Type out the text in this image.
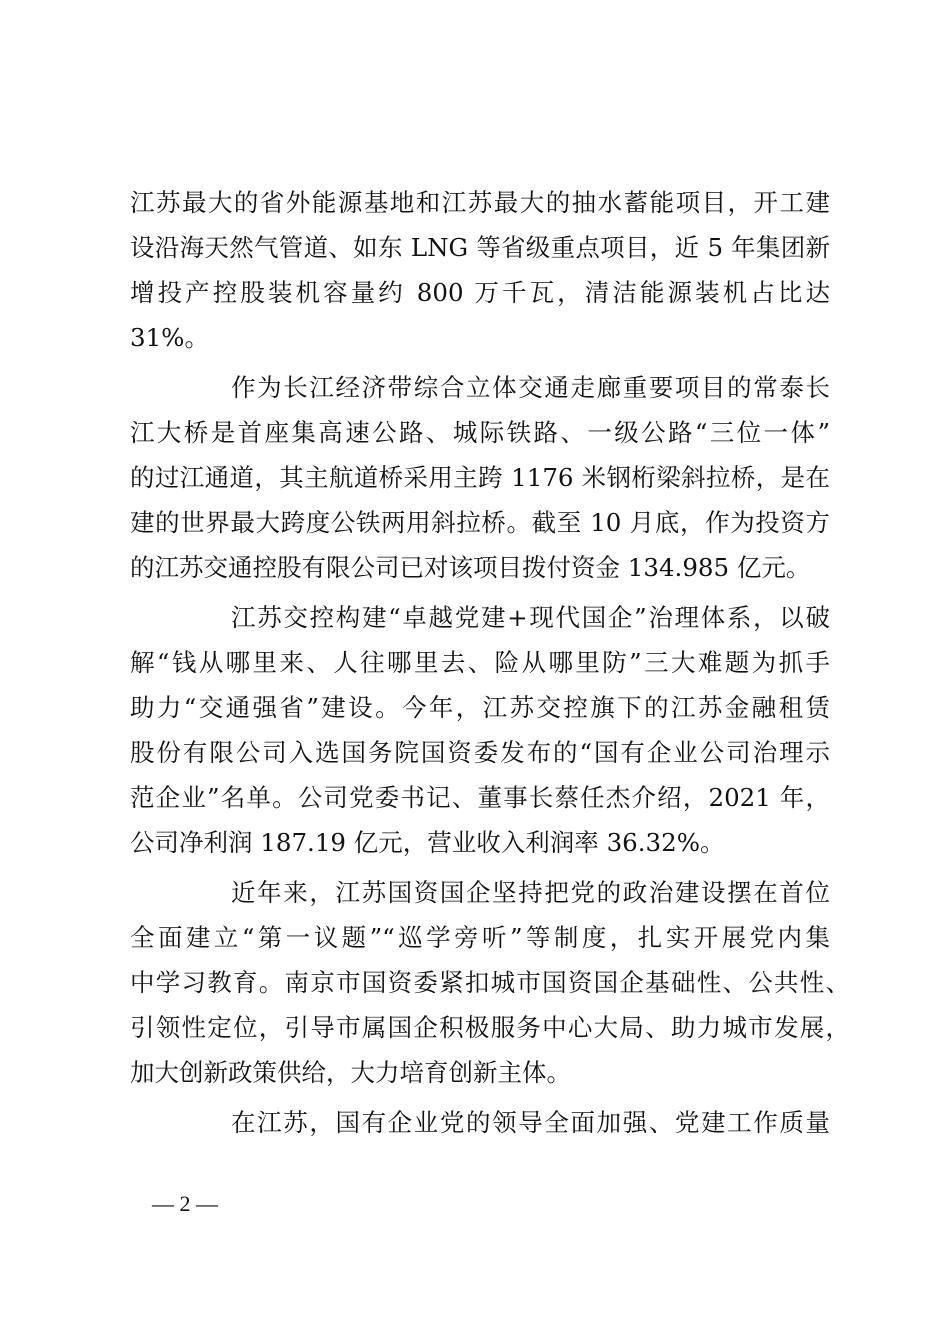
江苏最大的省外能源基地和江苏最大的抽水蓄能项目，开工建
设沿海天然气管道、如东 LNG 等省级重点项目，近 5 年集团新
增投产控股装机容量约 800 万千瓦，清洁能源装机占比达
31%。
作为长江经济带综合立体交通走廊重要项目的常泰长
江大桥是首座集高速公路、城际铁路、一级公路“三位一体”
的过江通道，其主航道桥采用主跨 1176 米钢桁梁斜拉桥，是在
建的世界最大跨度公铁两用斜拉桥。截至 10 月底，作为投资方
的江苏交通控股有限公司已对该项目拨付资金 134.985 亿元。
江苏交控构建“卓越党建+现代国企”治理体系，以破
解“钱从哪里来、人往哪里去、险从哪里防”三大难题为抓手
助力“交通强省”建设。今年，江苏交控旗下的江苏金融租赁
股份有限公司入选国务院国资委发布的“国有企业公司治理示
范企业”名单。公司党委书记、董事长蔡任杰介绍，2021 年，
公司净利润 187.19 亿元，营业收入利润率 36.32%。
近年来，江苏国资国企坚持把党的政治建设摆在首位
全面建立“第一议题”“巡学旁听”等制度，扎实开展党内集
中学习教育。南京市国资委紧扣城市国资国企基础性、公共性、
引领性定位，引导市属国企积极服务中心大局、助力城市发展，
加大创新政策供给，大力培育创新主体。
在江苏，国有企业党的领导全面加强、党建工作质量
— 2 —
